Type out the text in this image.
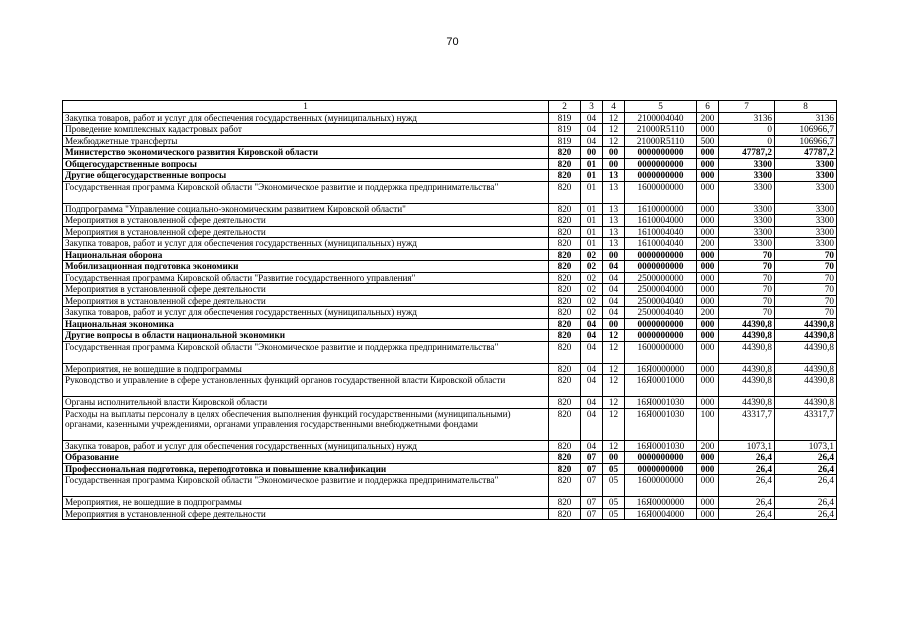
70
1	2	3	4	5	6	7	8
Закупка товаров, работ и услуг для обеспечения государственных (муниципальных) нужд	819	04	12	2100004040	200	3136	3136
Проведение комплексных кадастровых работ	819	04	12	21000R5110	000	0	106966,7
Межбюджетные трансферты	819	04	12	21000R5110	500	0	106966,7
Министерство экономического развития Кировской области	820	00	00	0000000000	000	47787,2	47787,2
Общегосударственные вопросы	820	01	00	0000000000	000	3300	3300
Другие общегосударственные вопросы	820	01	13	0000000000	000	3300	3300
Государственная программа Кировской области "Экономическое развитие и поддержка предпринимательства"	820	01	13	1600000000	000	3300	3300
Подпрограмма "Управление социально-экономическим развитием Кировской области"	820	01	13	1610000000	000	3300	3300
Мероприятия в установленной сфере деятельности	820	01	13	1610004000	000	3300	3300
Мероприятия в установленной сфере деятельности	820	01	13	1610004040	000	3300	3300
Закупка товаров, работ и услуг для обеспечения государственных (муниципальных) нужд	820	01	13	1610004040	200	3300	3300
Национальная оборона	820	02	00	0000000000	000	70	70
Мобилизационная подготовка экономики	820	02	04	0000000000	000	70	70
Государственная программа Кировской области "Развитие государственного управления"	820	02	04	2500000000	000	70	70
Мероприятия в установленной сфере деятельности	820	02	04	2500004000	000	70	70
Мероприятия в установленной сфере деятельности	820	02	04	2500004040	000	70	70
Закупка товаров, работ и услуг для обеспечения государственных (муниципальных) нужд	820	02	04	2500004040	200	70	70
Национальная экономика	820	04	00	0000000000	000	44390,8	44390,8
Другие вопросы в области национальной экономики	820	04	12	0000000000	000	44390,8	44390,8
Государственная программа Кировской области "Экономическое развитие и поддержка предпринимательства"	820	04	12	1600000000	000	44390,8	44390,8
Мероприятия, не вошедшие в подпрограммы	820	04	12	16Я0000000	000	44390,8	44390,8
Руководство и управление в сфере установленных функций органов государственной власти Кировской области	820	04	12	16Я0001000	000	44390,8	44390,8
Органы исполнительной власти Кировской области	820	04	12	16Я0001030	000	44390,8	44390,8
Расходы на выплаты персоналу в целях обеспечения выполнения функций государственными (муниципальными) органами, казенными учреждениями, органами управления государственными внебюджетными фондами	820	04	12	16Я0001030	100	43317,7	43317,7
Закупка товаров, работ и услуг для обеспечения государственных (муниципальных) нужд	820	04	12	16Я0001030	200	1073,1	1073,1
Образование	820	07	00	0000000000	000	26,4	26,4
Профессиональная подготовка, переподготовка и повышение квалификации	820	07	05	0000000000	000	26,4	26,4
Государственная программа Кировской области "Экономическое развитие и поддержка предпринимательства"	820	07	05	1600000000	000	26,4	26,4
Мероприятия, не вошедшие в подпрограммы	820	07	05	16Я0000000	000	26,4	26,4
Мероприятия в установленной сфере деятельности	820	07	05	16Я0004000	000	26,4	26,4
